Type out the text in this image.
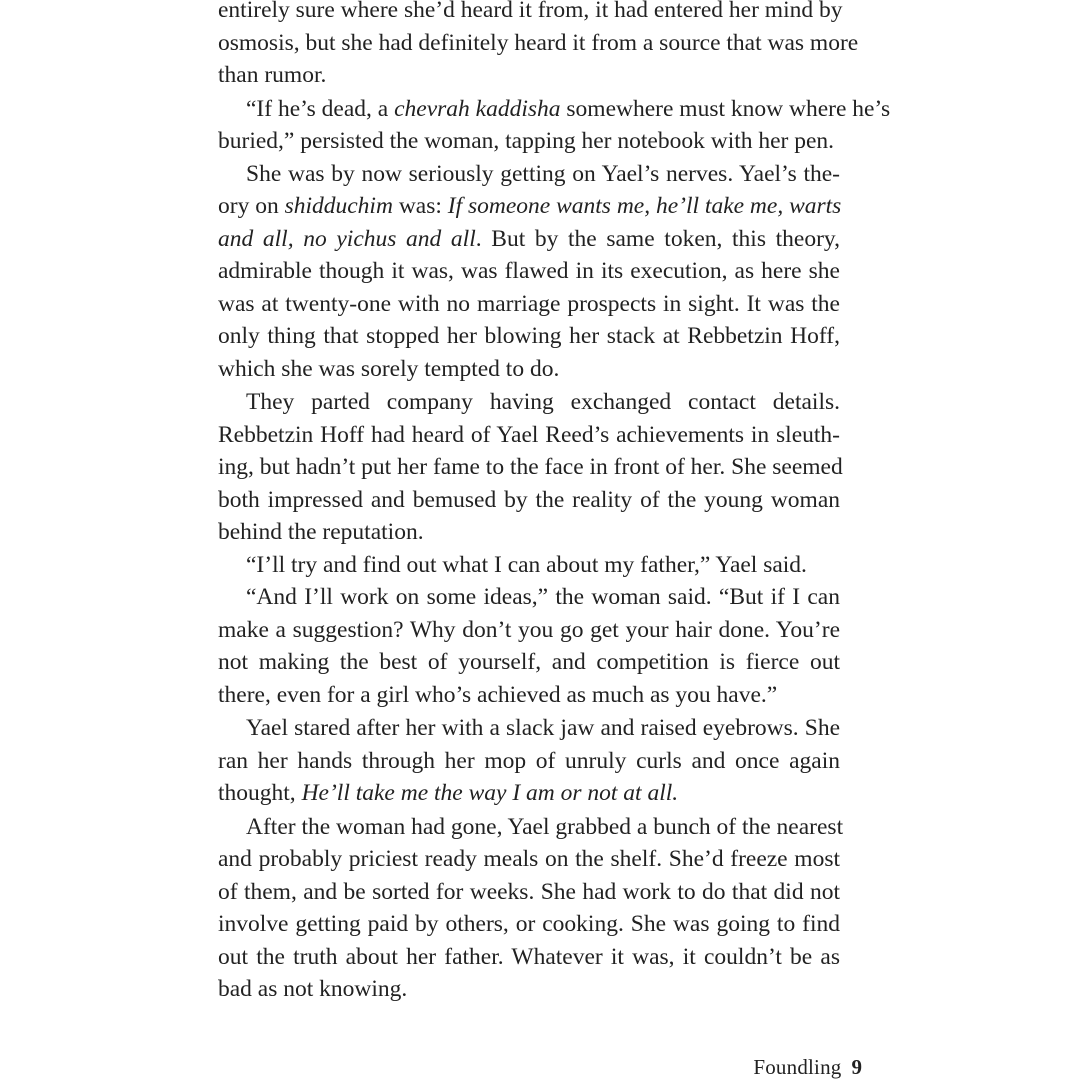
entirely sure where she’d heard it from, it had entered her mind by
osmosis, but she had definitely heard it from a source that was more
than rumor.
“If he’s dead, a chevrah kaddisha somewhere must know where he’s
buried,” persisted the woman, tapping her notebook with her pen.
She was by now seriously getting on Yael’s nerves. Yael’s the-
ory on shidduchim was: If someone wants me, he’ll take me, warts
and all, no yichus and all. But by the same token, this theory,
admirable though it was, was flawed in its execution, as here she
was at twenty-one with no marriage prospects in sight. It was the
only thing that stopped her blowing her stack at Rebbetzin Hoff,
which she was sorely tempted to do.
They parted company having exchanged contact details.
Rebbetzin Hoff had heard of Yael Reed’s achievements in sleuth-
ing, but hadn’t put her fame to the face in front of her. She seemed
both impressed and bemused by the reality of the young woman
behind the reputation.
“I’ll try and find out what I can about my father,” Yael said.
“And I’ll work on some ideas,” the woman said. “But if I can
make a suggestion? Why don’t you go get your hair done. You’re
not making the best of yourself, and competition is fierce out
there, even for a girl who’s achieved as much as you have.”
Yael stared after her with a slack jaw and raised eyebrows. She
ran her hands through her mop of unruly curls and once again
thought, He’ll take me the way I am or not at all.
After the woman had gone, Yael grabbed a bunch of the nearest
and probably priciest ready meals on the shelf. She’d freeze most
of them, and be sorted for weeks. She had work to do that did not
involve getting paid by others, or cooking. She was going to find
out the truth about her father. Whatever it was, it couldn’t be as
bad as not knowing.
Foundling 9
